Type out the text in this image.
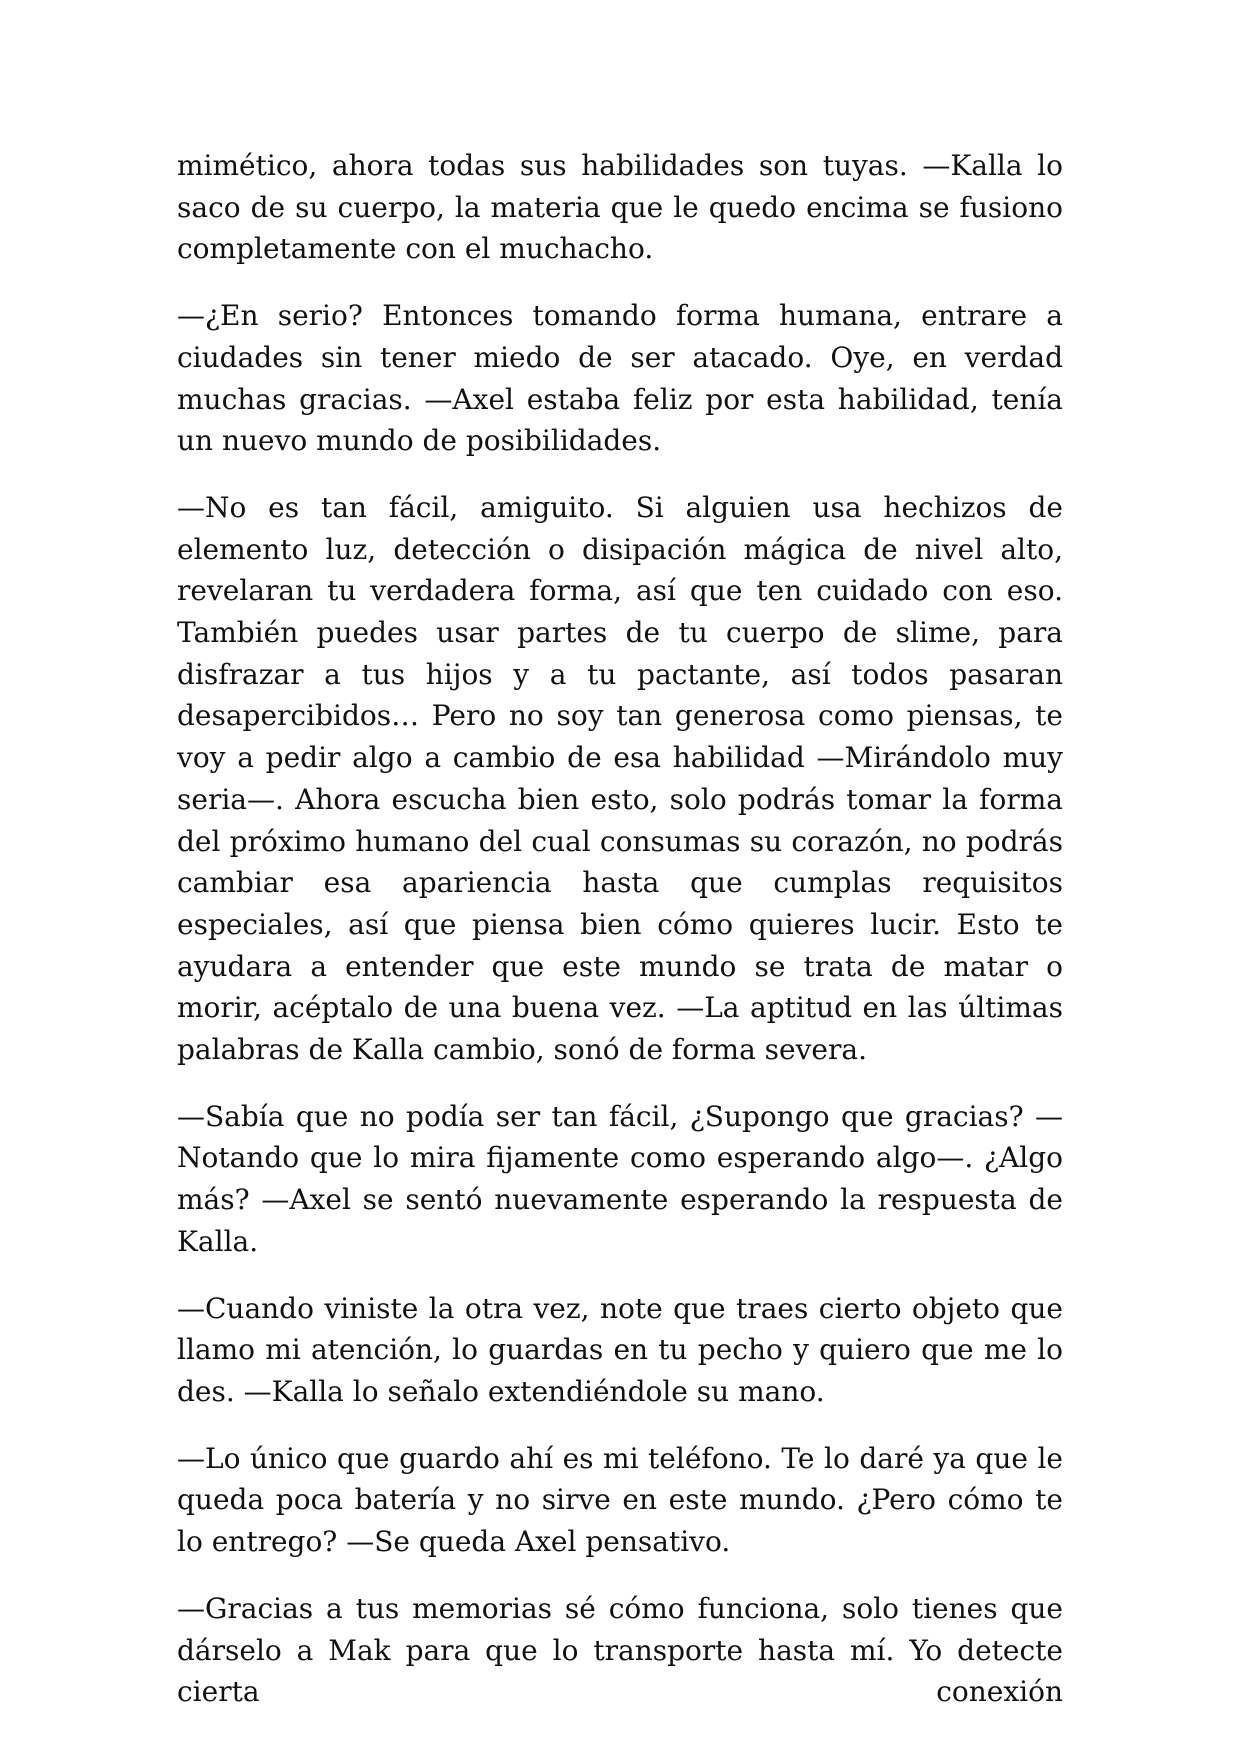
mimético, ahora todas sus habilidades son tuyas. —Kalla lo saco de su cuerpo, la materia que le quedo encima se fusiono completamente con el muchacho.

—¿En serio? Entonces tomando forma humana, entrare a ciudades sin tener miedo de ser atacado. Oye, en verdad muchas gracias. —Axel estaba feliz por esta habilidad, tenía un nuevo mundo de posibilidades.

—No es tan fácil, amiguito. Si alguien usa hechizos de elemento luz, detección o disipación mágica de nivel alto, revelaran tu verdadera forma, así que ten cuidado con eso. También puedes usar partes de tu cuerpo de slime, para disfrazar a tus hijos y a tu pactante, así todos pasaran desapercibidos… Pero no soy tan generosa como piensas, te voy a pedir algo a cambio de esa habilidad —Mirándolo muy seria—. Ahora escucha bien esto, solo podrás tomar la forma del próximo humano del cual consumas su corazón, no podrás cambiar esa apariencia hasta que cumplas requisitos especiales, así que piensa bien cómo quieres lucir. Esto te ayudara a entender que este mundo se trata de matar o morir, acéptalo de una buena vez. —La aptitud en las últimas palabras de Kalla cambio, sonó de forma severa.

—Sabía que no podía ser tan fácil, ¿Supongo que gracias? —Notando que lo mira fijamente como esperando algo—. ¿Algo más? —Axel se sentó nuevamente esperando la respuesta de Kalla.

—Cuando viniste la otra vez, note que traes cierto objeto que llamo mi atención, lo guardas en tu pecho y quiero que me lo des. —Kalla lo señalo extendiéndole su mano.

—Lo único que guardo ahí es mi teléfono. Te lo daré ya que le queda poca batería y no sirve en este mundo. ¿Pero cómo te lo entrego? —Se queda Axel pensativo.

—Gracias a tus memorias sé cómo funciona, solo tienes que dárselo a Mak para que lo transporte hasta mí. Yo detecte cierta conexión
